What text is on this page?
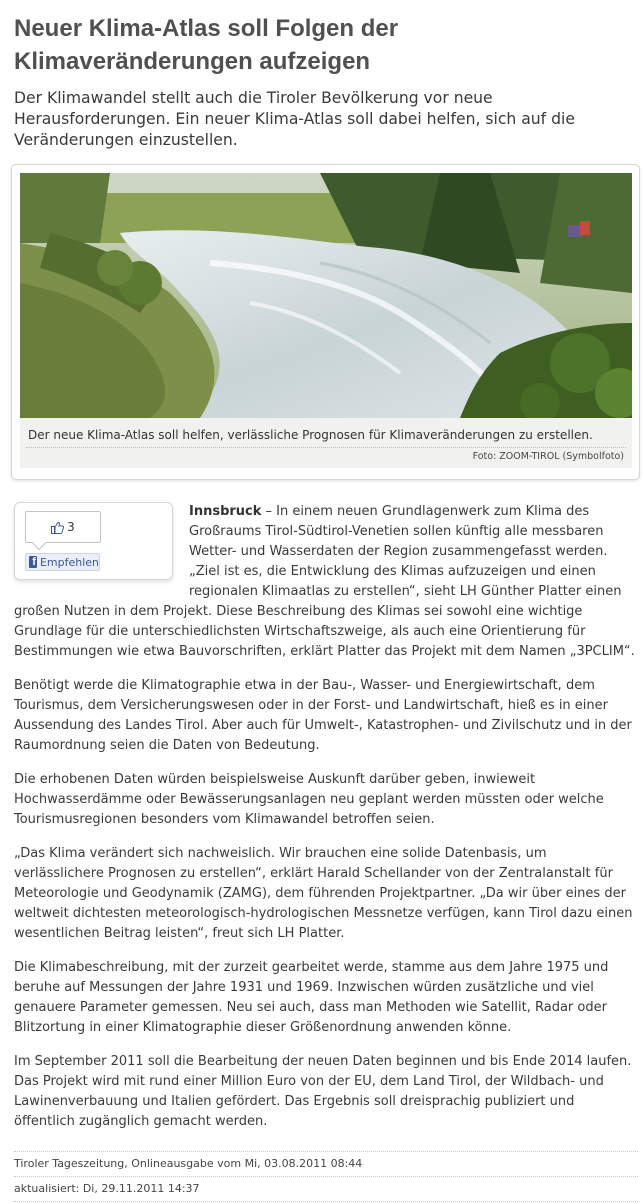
Neuer Klima-Atlas soll Folgen der Klimaveränderungen aufzeigen

Der Klimawandel stellt auch die Tiroler Bevölkerung vor neue Herausforderungen. Ein neuer Klima-Atlas soll dabei helfen, sich auf die Veränderungen einzustellen.

Der neue Klima-Atlas soll helfen, verlässliche Prognosen für Klimaveränderungen zu erstellen.
Foto: ZOOM-TIROL (Symbolfoto)
3
f Empfehlen

Innsbruck – In einem neuen Grundlagenwerk zum Klima des Großraums Tirol-Südtirol-Venetien sollen künftig alle messbaren Wetter- und Wasserdaten der Region zusammengefasst werden. „Ziel ist es, die Entwicklung des Klimas aufzuzeigen und einen regionalen Klimaatlas zu erstellen“, sieht LH Günther Platter einen großen Nutzen in dem Projekt. Diese Beschreibung des Klimas sei sowohl eine wichtige Grundlage für die unterschiedlichsten Wirtschaftszweige, als auch eine Orientierung für Bestimmungen wie etwa Bauvorschriften, erklärt Platter das Projekt mit dem Namen „3PCLIM“.

Benötigt werde die Klimatographie etwa in der Bau-, Wasser- und Energiewirtschaft, dem Tourismus, dem Versicherungswesen oder in der Forst- und Landwirtschaft, hieß es in einer Aussendung des Landes Tirol. Aber auch für Umwelt-, Katastrophen- und Zivilschutz und in der Raumordnung seien die Daten von Bedeutung.

Die erhobenen Daten würden beispielsweise Auskunft darüber geben, inwieweit Hochwasserdämme oder Bewässerungsanlagen neu geplant werden müssten oder welche Tourismusregionen besonders vom Klimawandel betroffen seien.

„Das Klima verändert sich nachweislich. Wir brauchen eine solide Datenbasis, um verlässlichere Prognosen zu erstellen“, erklärt Harald Schellander von der Zentralanstalt für Meteorologie und Geodynamik (ZAMG), dem führenden Projektpartner. „Da wir über eines der weltweit dichtesten meteorologisch-hydrologischen Messnetze verfügen, kann Tirol dazu einen wesentlichen Beitrag leisten“, freut sich LH Platter.

Die Klimabeschreibung, mit der zurzeit gearbeitet werde, stamme aus dem Jahre 1975 und beruhe auf Messungen der Jahre 1931 und 1969. Inzwischen würden zusätzliche und viel genauere Parameter gemessen. Neu sei auch, dass man Methoden wie Satellit, Radar oder Blitzortung in einer Klimatographie dieser Größenordnung anwenden könne.

Im September 2011 soll die Bearbeitung der neuen Daten beginnen und bis Ende 2014 laufen. Das Projekt wird mit rund einer Million Euro von der EU, dem Land Tirol, der Wildbach- und Lawinenverbauung und Italien gefördert. Das Ergebnis soll dreisprachig publiziert und öffentlich zugänglich gemacht werden.

Tiroler Tageszeitung, Onlineausgabe vom Mi, 03.08.2011 08:44
aktualisiert: Di, 29.11.2011 14:37
